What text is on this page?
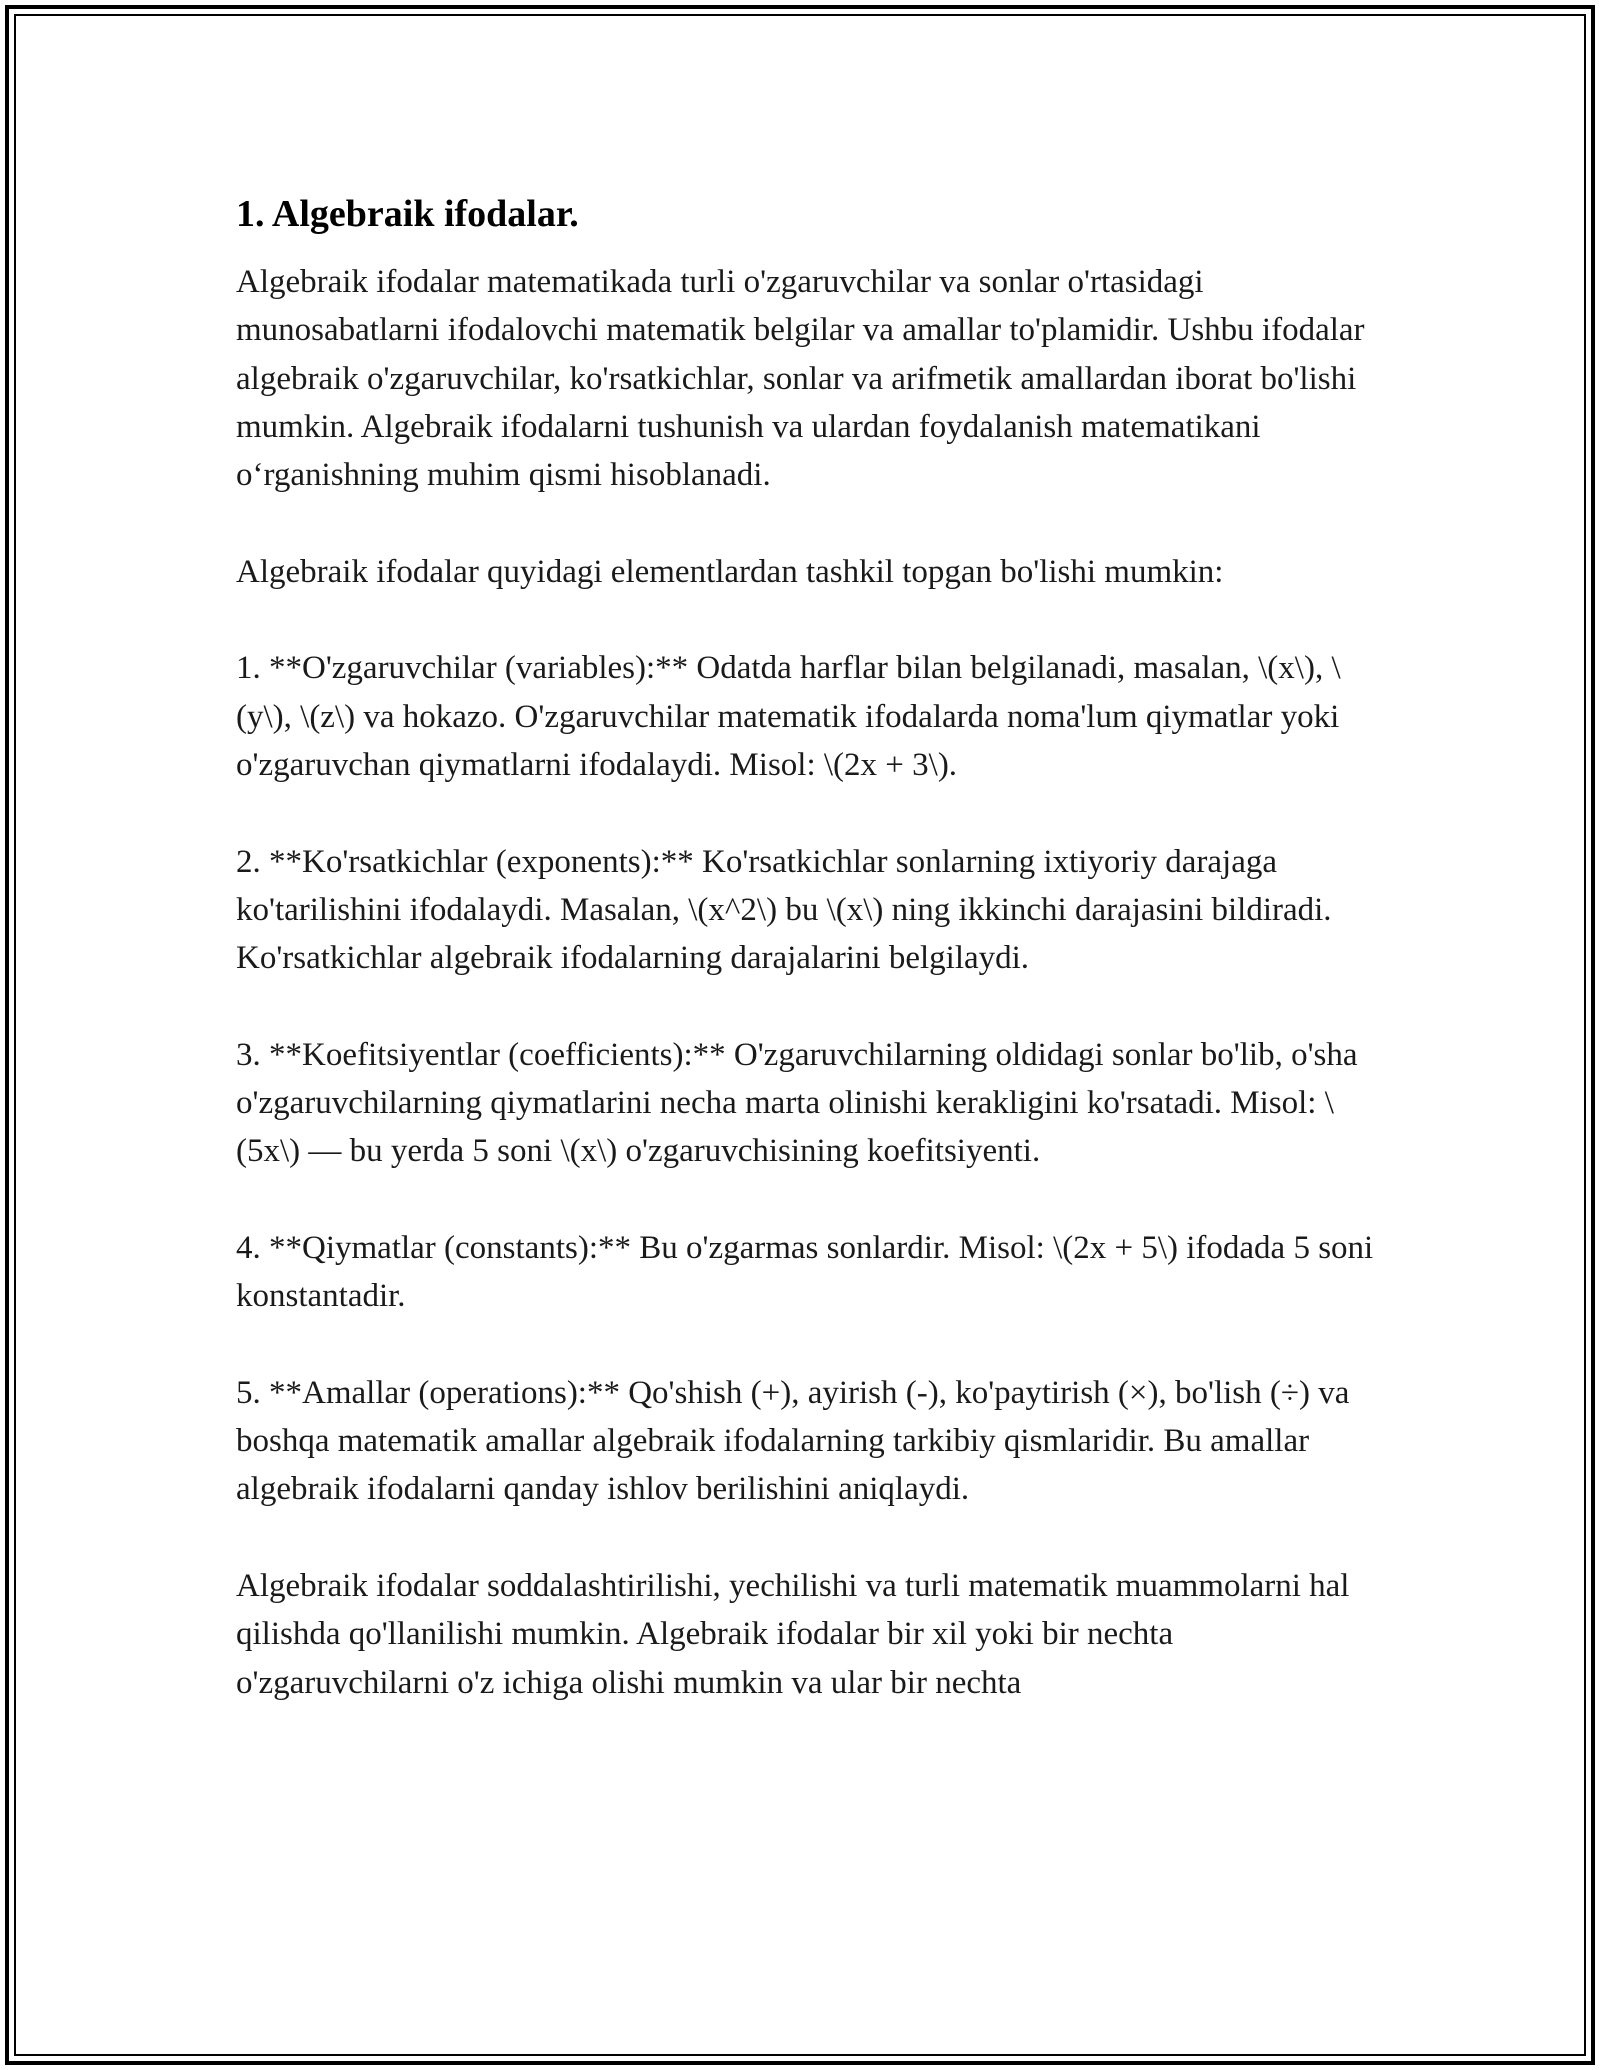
1. Algebraik ifodalar.

Algebraik ifodalar matematikada turli o'zgaruvchilar va sonlar o'rtasidagi munosabatlarni ifodalovchi matematik belgilar va amallar to'plamidir. Ushbu ifodalar algebraik o'zgaruvchilar, ko'rsatkichlar, sonlar va arifmetik amallardan iborat bo'lishi mumkin. Algebraik ifodalarni tushunish va ulardan foydalanish matematikani o‘rganishning muhim qismi hisoblanadi.

Algebraik ifodalar quyidagi elementlardan tashkil topgan bo'lishi mumkin:

1. **O'zgaruvchilar (variables):** Odatda harflar bilan belgilanadi, masalan, \(x\), \(y\), \(z\) va hokazo. O'zgaruvchilar matematik ifodalarda noma'lum qiymatlar yoki o'zgaruvchan qiymatlarni ifodalaydi. Misol: \(2x + 3\).

2. **Ko'rsatkichlar (exponents):** Ko'rsatkichlar sonlarning ixtiyoriy darajaga ko'tarilishini ifodalaydi. Masalan, \(x^2\) bu \(x\) ning ikkinchi darajasini bildiradi. Ko'rsatkichlar algebraik ifodalarning darajalarini belgilaydi.

3. **Koefitsiyentlar (coefficients):** O'zgaruvchilarning oldidagi sonlar bo'lib, o'sha o'zgaruvchilarning qiymatlarini necha marta olinishi kerakligini ko'rsatadi. Misol: \(5x\) — bu yerda 5 soni \(x\) o'zgaruvchisining koefitsiyenti.

4. **Qiymatlar (constants):** Bu o'zgarmas sonlardir. Misol: \(2x + 5\) ifodada 5 soni konstantadir.

5. **Amallar (operations):** Qo'shish (+), ayirish (-), ko'paytirish (×), bo'lish (÷) va boshqa matematik amallar algebraik ifodalarning tarkibiy qismlaridir. Bu amallar algebraik ifodalarni qanday ishlov berilishini aniqlaydi.

Algebraik ifodalar soddalashtirilishi, yechilishi va turli matematik muammolarni hal qilishda qo'llanilishi mumkin. Algebraik ifodalar bir xil yoki bir nechta o'zgaruvchilarni o'z ichiga olishi mumkin va ular bir nechta
